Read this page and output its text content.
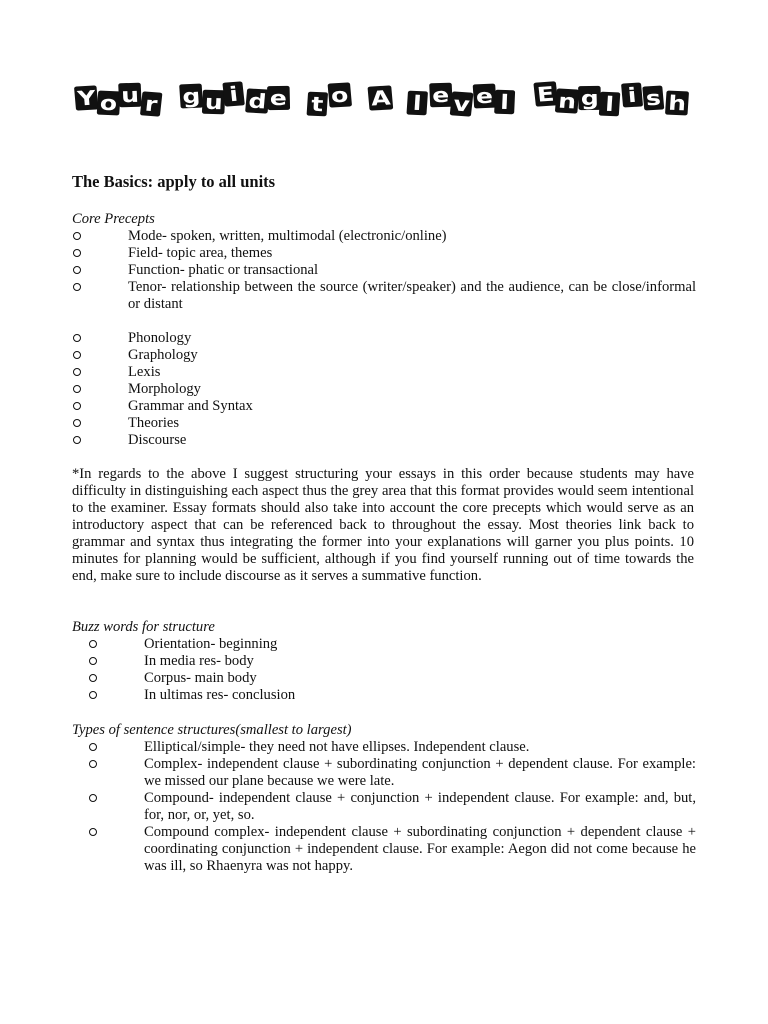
Y o u r g u i d e t o A l e v e l E n g l i s h
The Basics: apply to all units
Core Precepts
Mode- spoken, written, multimodal (electronic/online)
Field- topic area, themes
Function- phatic or transactional
Tenor- relationship between the source (writer/speaker) and the audience, can be close/informal or distant
Phonology
Graphology
Lexis
Morphology
Grammar and Syntax
Theories
Discourse

*In regards to the above I suggest structuring your essays in this order because students may have difficulty in distinguishing each aspect thus the grey area that this format provides would seem intentional to the examiner. Essay formats should also take into account the core precepts which would serve as an introductory aspect that can be referenced back to throughout the essay. Most theories link back to grammar and syntax thus integrating the former into your explanations will garner you plus points. 10 minutes for planning would be sufficient, although if you find yourself running out of time towards the end, make sure to include discourse as it serves a summative function.

Buzz words for structure
Orientation- beginning
In media res- body
Corpus- main body
In ultimas res- conclusion
Types of sentence structures(smallest to largest)
Elliptical/simple- they need not have ellipses. Independent clause.
Complex- independent clause + subordinating conjunction + dependent clause. For example: we missed our plane because we were late.
Compound- independent clause + conjunction + independent clause. For example: and, but, for, nor, or, yet, so.
Compound complex- independent clause + subordinating conjunction + dependent clause + coordinating conjunction + independent clause. For example: Aegon did not come because he was ill, so Rhaenyra was not happy.
